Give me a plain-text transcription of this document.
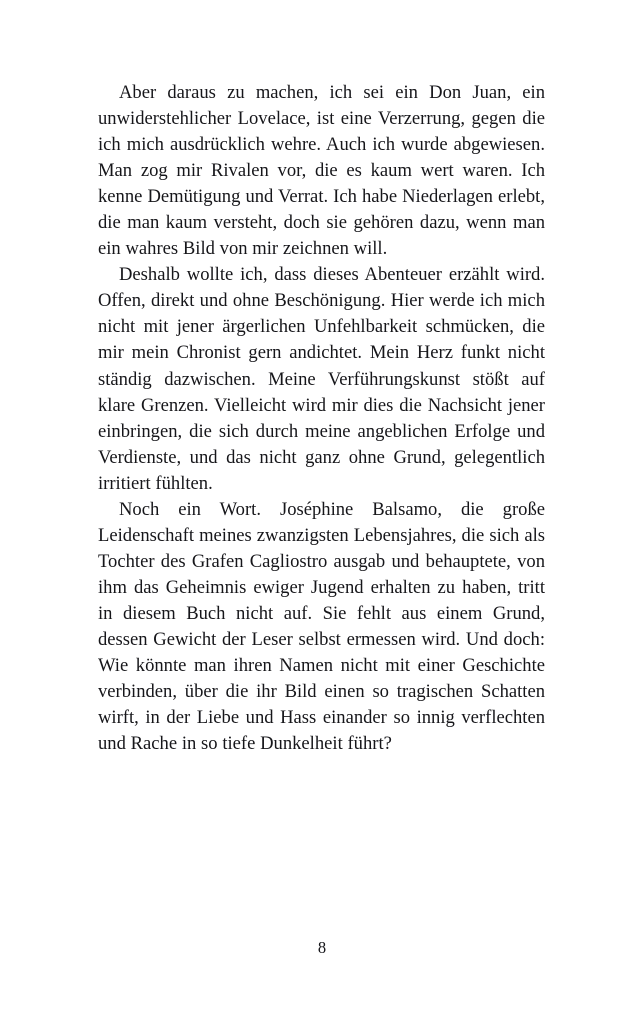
Aber daraus zu machen, ich sei ein Don Juan, ein unwiderstehlicher Lovelace, ist eine Verzerrung, gegen die ich mich ausdrücklich wehre. Auch ich wurde abgewiesen. Man zog mir Rivalen vor, die es kaum wert waren. Ich kenne Demütigung und Verrat. Ich habe Niederlagen erlebt, die man kaum versteht, doch sie gehören dazu, wenn man ein wahres Bild von mir zeichnen will.

Deshalb wollte ich, dass dieses Abenteuer erzählt wird. Offen, direkt und ohne Beschönigung. Hier werde ich mich nicht mit jener ärgerlichen Unfehlbarkeit schmücken, die mir mein Chronist gern andichtet. Mein Herz funkt nicht ständig dazwischen. Meine Verführungskunst stößt auf klare Grenzen. Vielleicht wird mir dies die Nachsicht jener einbringen, die sich durch meine angeblichen Erfolge und Verdienste, und das nicht ganz ohne Grund, gelegentlich irritiert fühlten.

Noch ein Wort. Joséphine Balsamo, die große Leidenschaft meines zwanzigsten Lebensjahres, die sich als Tochter des Grafen Cagliostro ausgab und behauptete, von ihm das Geheimnis ewiger Jugend erhalten zu haben, tritt in diesem Buch nicht auf. Sie fehlt aus einem Grund, dessen Gewicht der Leser selbst ermessen wird. Und doch: Wie könnte man ihren Namen nicht mit einer Geschichte verbinden, über die ihr Bild einen so tragischen Schatten wirft, in der Liebe und Hass einander so innig verflechten und Rache in so tiefe Dunkelheit führt?

8
